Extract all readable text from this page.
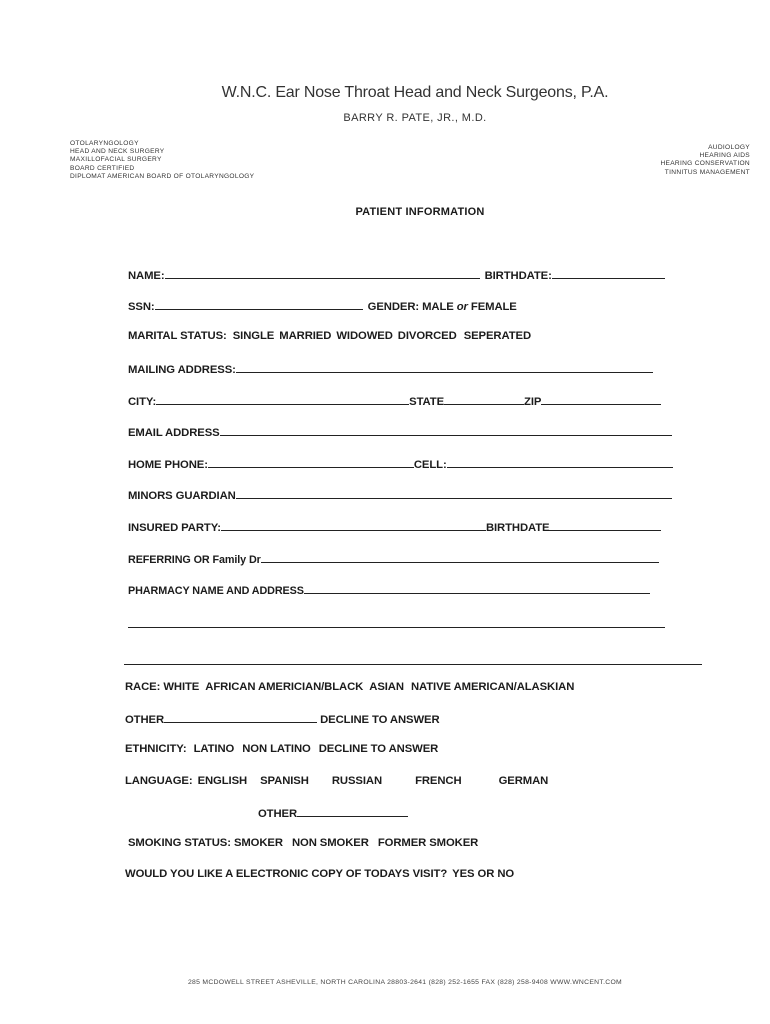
W.N.C. Ear Nose Throat Head and Neck Surgeons, P.A.
BARRY R. PATE, JR., M.D.
OTOLARYNGOLOGY
HEAD AND NECK SURGERY
MAXILLOFACIAL SURGERY
BOARD CERTIFIED
DIPLOMAT AMERICAN BOARD OF OTOLARYNGOLOGY
AUDIOLOGY
HEARING AIDS
HEARING CONSERVATION
TINNITUS MANAGEMENT
PATIENT INFORMATION
NAME:	BIRTHDATE:
SSN:	GENDER: MALE or FEMALE
MARITAL STATUS: SINGLE MARRIED WIDOWED DIVORCED SEPERATED
MAILING ADDRESS:
CITY:	STATE	ZIP
EMAIL ADDRESS
HOME PHONE:	CELL:
MINORS GUARDIAN
INSURED PARTY:	BIRTHDATE
REFERRING OR Family Dr
PHARMACY NAME AND ADDRESS
RACE: WHITE AFRICAN AMERICIAN/BLACK ASIAN NATIVE AMERICAN/ALASKIAN
OTHER	DECLINE TO ANSWER
ETHNICITY: LATINO NON LATINO DECLINE TO ANSWER
LANGUAGE: ENGLISH SPANISH RUSSIAN	FRENCH	GERMAN
OTHER
SMOKING STATUS: SMOKER NON SMOKER FORMER SMOKER
WOULD YOU LIKE A ELECTRONIC COPY OF TODAYS VISIT? YES OR NO
285 MCDOWELL STREET ASHEVILLE, NORTH CAROLINA 28803-2641 (828) 252-1655 FAX (828) 258-9408 WWW.WNCENT.COM
